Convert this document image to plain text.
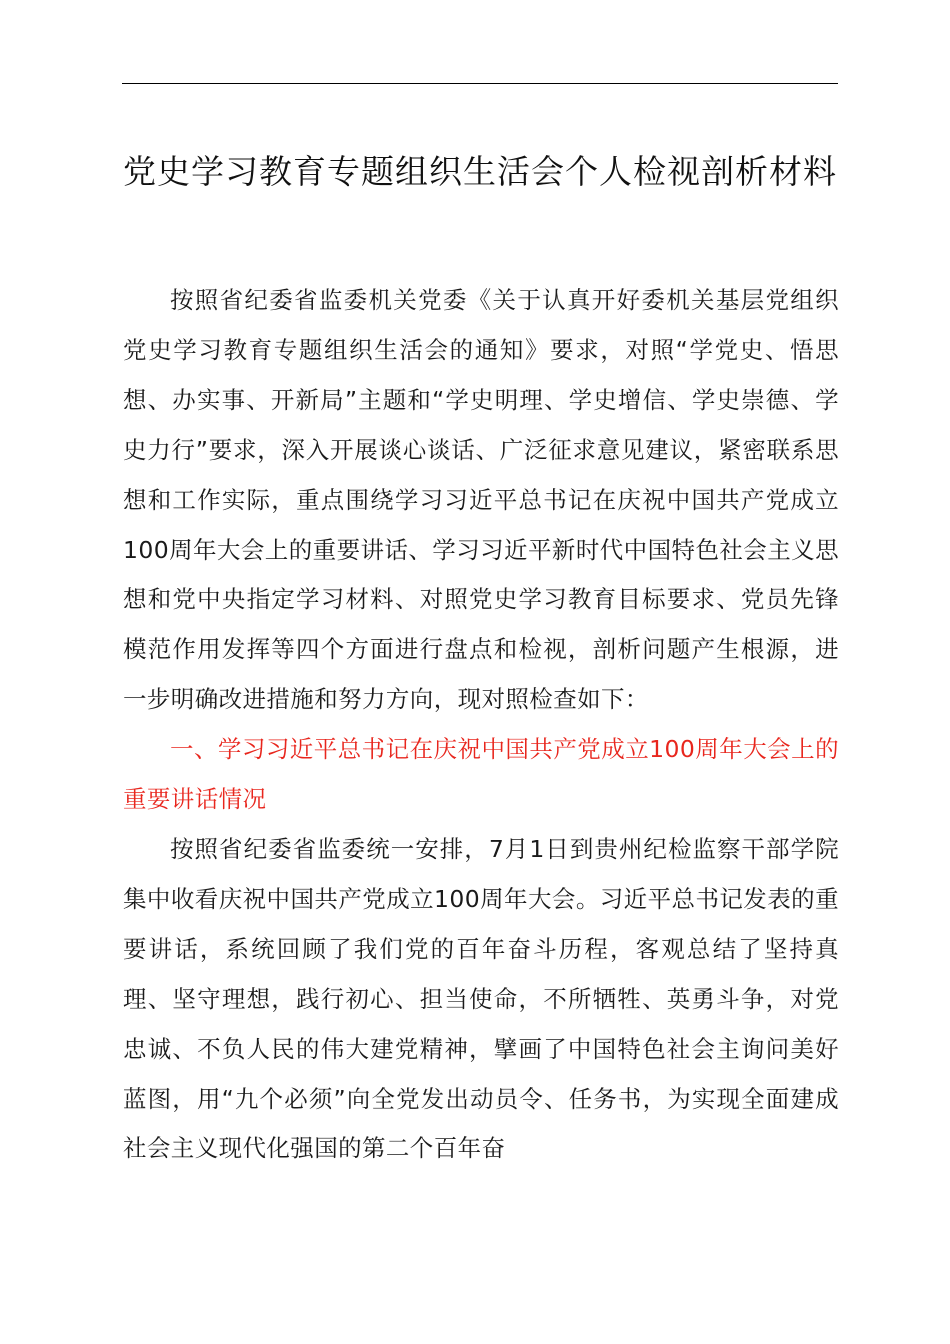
党史学习教育专题组织生活会个人检视剖析材料

按照省纪委省监委机关党委《关于认真开好委机关基层党组织党史学习教育专题组织生活会的通知》要求，对照“学党史、悟思想、办实事、开新局”主题和“学史明理、学史增信、学史崇德、学史力行”要求，深入开展谈心谈话、广泛征求意见建议，紧密联系思想和工作实际，重点围绕学习习近平总书记在庆祝中国共产党成立100周年大会上的重要讲话、学习习近平新时代中国特色社会主义思想和党中央指定学习材料、对照党史学习教育目标要求、党员先锋模范作用发挥等四个方面进行盘点和检视，剖析问题产生根源，进一步明确改进措施和努力方向，现对照检查如下：

一、学习习近平总书记在庆祝中国共产党成立100周年大会上的重要讲话情况

按照省纪委省监委统一安排，7月1日到贵州纪检监察干部学院集中收看庆祝中国共产党成立100周年大会。习近平总书记发表的重要讲话，系统回顾了我们党的百年奋斗历程，客观总结了坚持真理、坚守理想，践行初心、担当使命，不所牺牲、英勇斗争，对党忠诚、不负人民的伟大建党精神，擘画了中国特色社会主询问美好蓝图，用“九个必须”向全党发出动员令、任务书，为实现全面建成社会主义现代化强国的第二个百年奋
